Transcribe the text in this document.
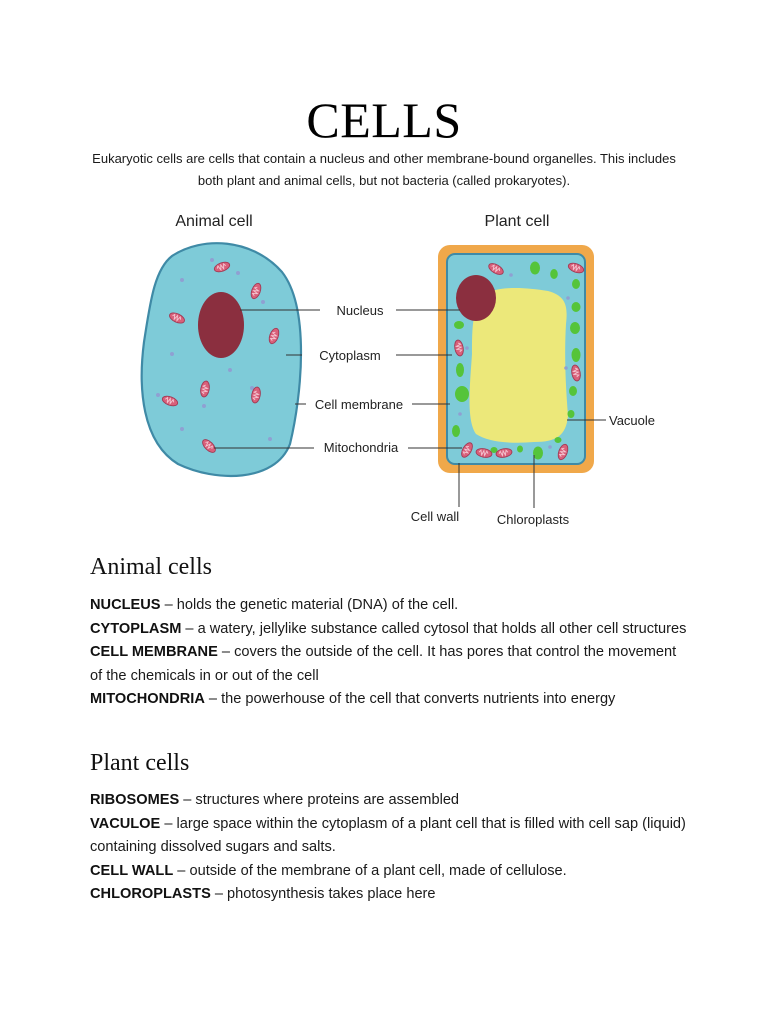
CELLS
Eukaryotic cells are cells that contain a nucleus and other membrane-bound organelles. This includes both plant and animal cells, but not bacteria (called prokaryotes).
Animal cell	Plant cell
Nucleus
Cytoplasm
Cell membrane
Mitochondria
Vacuole
Cell wall	Chloroplasts
Animal cells

NUCLEUS – holds the genetic material (DNA) of the cell.

CYTOPLASM – a watery, jellylike substance called cytosol that holds all other cell structures

CELL MEMBRANE – covers the outside of the cell. It has pores that control the movement of the chemicals in or out of the cell

MITOCHONDRIA – the powerhouse of the cell that converts nutrients into energy

Plant cells

RIBOSOMES – structures where proteins are assembled

VACULOE – large space within the cytoplasm of a plant cell that is filled with cell sap (liquid) containing dissolved sugars and salts.

CELL WALL – outside of the membrane of a plant cell, made of cellulose.

CHLOROPLASTS – photosynthesis takes place here
